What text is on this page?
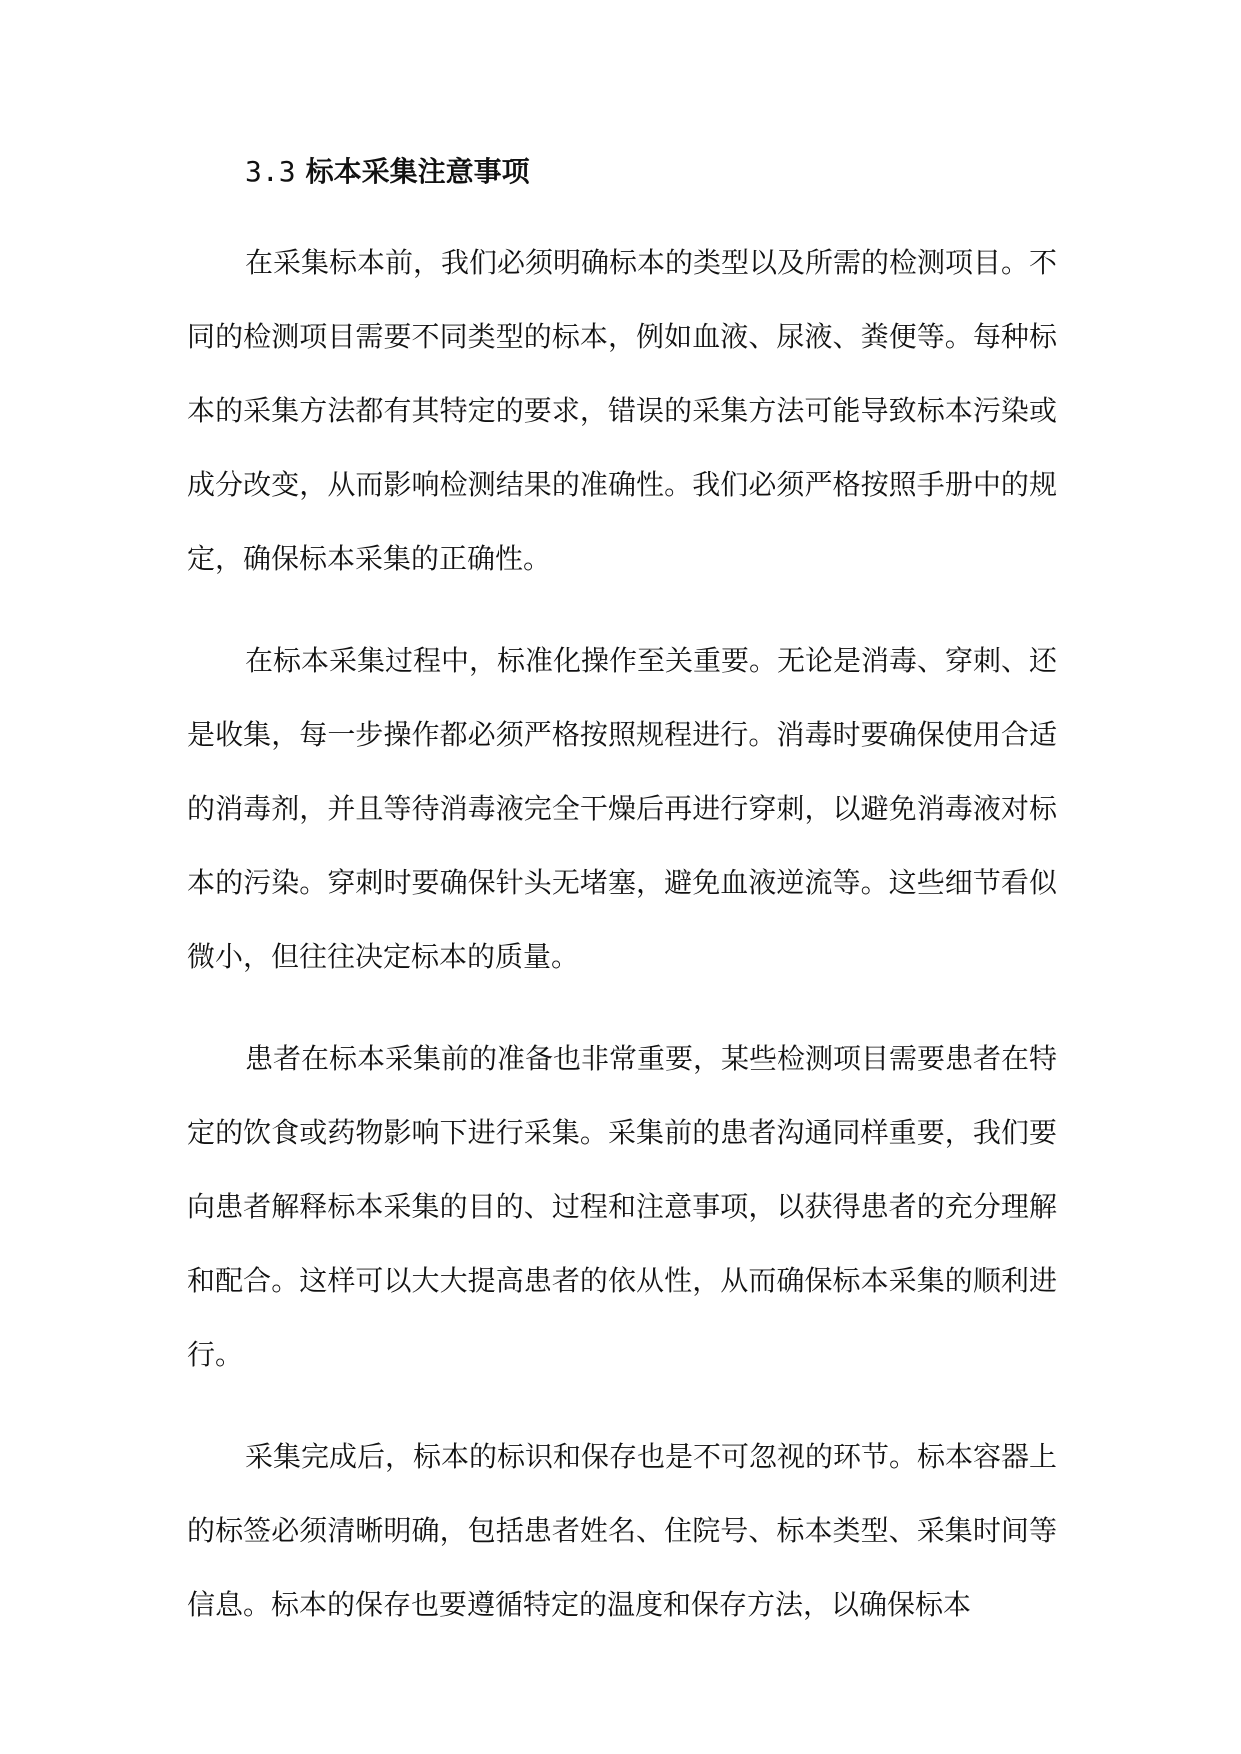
3.3 标本采集注意事项

在采集标本前，我们必须明确标本的类型以及所需的检测项目。不同的检测项目需要不同类型的标本，例如血液、尿液、粪便等。每种标本的采集方法都有其特定的要求，错误的采集方法可能导致标本污染或成分改变，从而影响检测结果的准确性。我们必须严格按照手册中的规定，确保标本采集的正确性。

在标本采集过程中，标准化操作至关重要。无论是消毒、穿刺、还是收集，每一步操作都必须严格按照规程进行。消毒时要确保使用合适的消毒剂，并且等待消毒液完全干燥后再进行穿刺，以避免消毒液对标本的污染。穿刺时要确保针头无堵塞，避免血液逆流等。这些细节看似微小，但往往决定标本的质量。

患者在标本采集前的准备也非常重要，某些检测项目需要患者在特定的饮食或药物影响下进行采集。采集前的患者沟通同样重要，我们要向患者解释标本采集的目的、过程和注意事项，以获得患者的充分理解和配合。这样可以大大提高患者的依从性，从而确保标本采集的顺利进行。

采集完成后，标本的标识和保存也是不可忽视的环节。标本容器上的标签必须清晰明确，包括患者姓名、住院号、标本类型、采集时间等信息。标本的保存也要遵循特定的温度和保存方法，以确保标本
